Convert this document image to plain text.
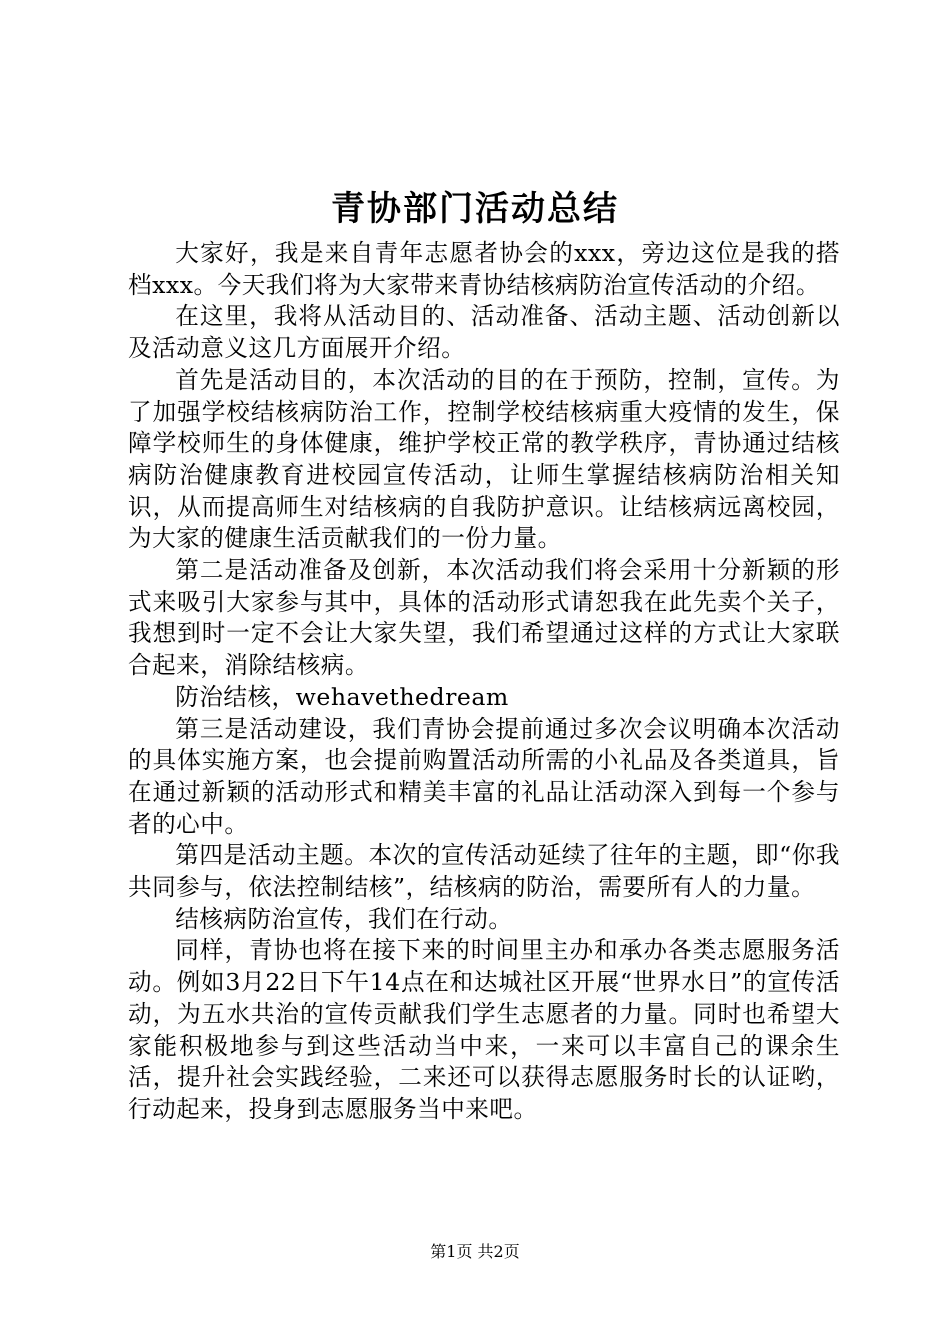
青协部门活动总结

大家好，我是来自青年志愿者协会的xxx，旁边这位是我的搭档xxx。今天我们将为大家带来青协结核病防治宣传活动的介绍。

在这里，我将从活动目的、活动准备、活动主题、活动创新以及活动意义这几方面展开介绍。

首先是活动目的，本次活动的目的在于预防，控制，宣传。为了加强学校结核病防治工作，控制学校结核病重大疫情的发生，保障学校师生的身体健康，维护学校正常的教学秩序，青协通过结核病防治健康教育进校园宣传活动，让师生掌握结核病防治相关知识，从而提高师生对结核病的自我防护意识。让结核病远离校园，为大家的健康生活贡献我们的一份力量。

第二是活动准备及创新，本次活动我们将会采用十分新颖的形式来吸引大家参与其中，具体的活动形式请恕我在此先卖个关子，我想到时一定不会让大家失望，我们希望通过这样的方式让大家联合起来，消除结核病。

防治结核，wehavethedream

第三是活动建设，我们青协会提前通过多次会议明确本次活动的具体实施方案，也会提前购置活动所需的小礼品及各类道具，旨在通过新颖的活动形式和精美丰富的礼品让活动深入到每一个参与者的心中。

第四是活动主题。本次的宣传活动延续了往年的主题，即“你我共同参与，依法控制结核”，结核病的防治，需要所有人的力量。

结核病防治宣传，我们在行动。

同样，青协也将在接下来的时间里主办和承办各类志愿服务活动。例如3月22日下午14点在和达城社区开展“世界水日”的宣传活动，为五水共治的宣传贡献我们学生志愿者的力量。同时也希望大家能积极地参与到这些活动当中来，一来可以丰富自己的课余生活，提升社会实践经验，二来还可以获得志愿服务时长的认证哟，行动起来，投身到志愿服务当中来吧。

第1页 共2页
